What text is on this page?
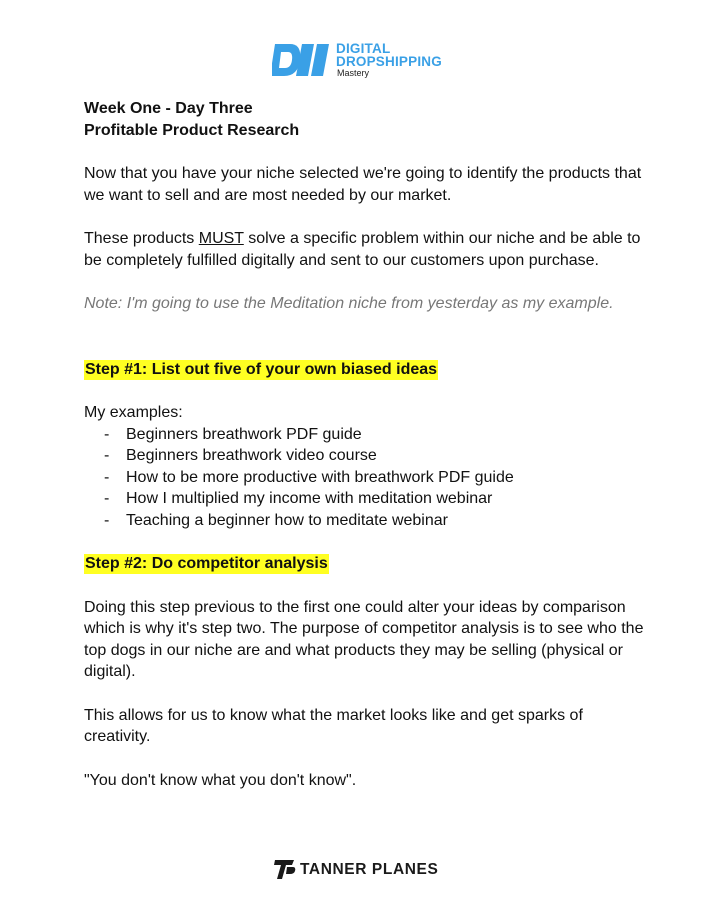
DIGITAL
DROPSHIPPING
Mastery

Week One - Day Three

Profitable Product Research

Now that you have your niche selected we're going to identify the products that we want to sell and are most needed by our market.

These products MUST solve a specific problem within our niche and be able to be completely fulfilled digitally and sent to our customers upon purchase.

Note: I'm going to use the Meditation niche from yesterday as my example.

Step #1: List out five of your own biased ideas

My examples:

- Beginners breathwork PDF guide
- Beginners breathwork video course
- How to be more productive with breathwork PDF guide
- How I multiplied my income with meditation webinar
- Teaching a beginner how to meditate webinar

Step #2: Do competitor analysis

Doing this step previous to the first one could alter your ideas by comparison which is why it's step two. The purpose of competitor analysis is to see who the top dogs in our niche are and what products they may be selling (physical or digital).

This allows for us to know what the market looks like and get sparks of creativity.

"You don't know what you don't know".

TANNER PLANES
